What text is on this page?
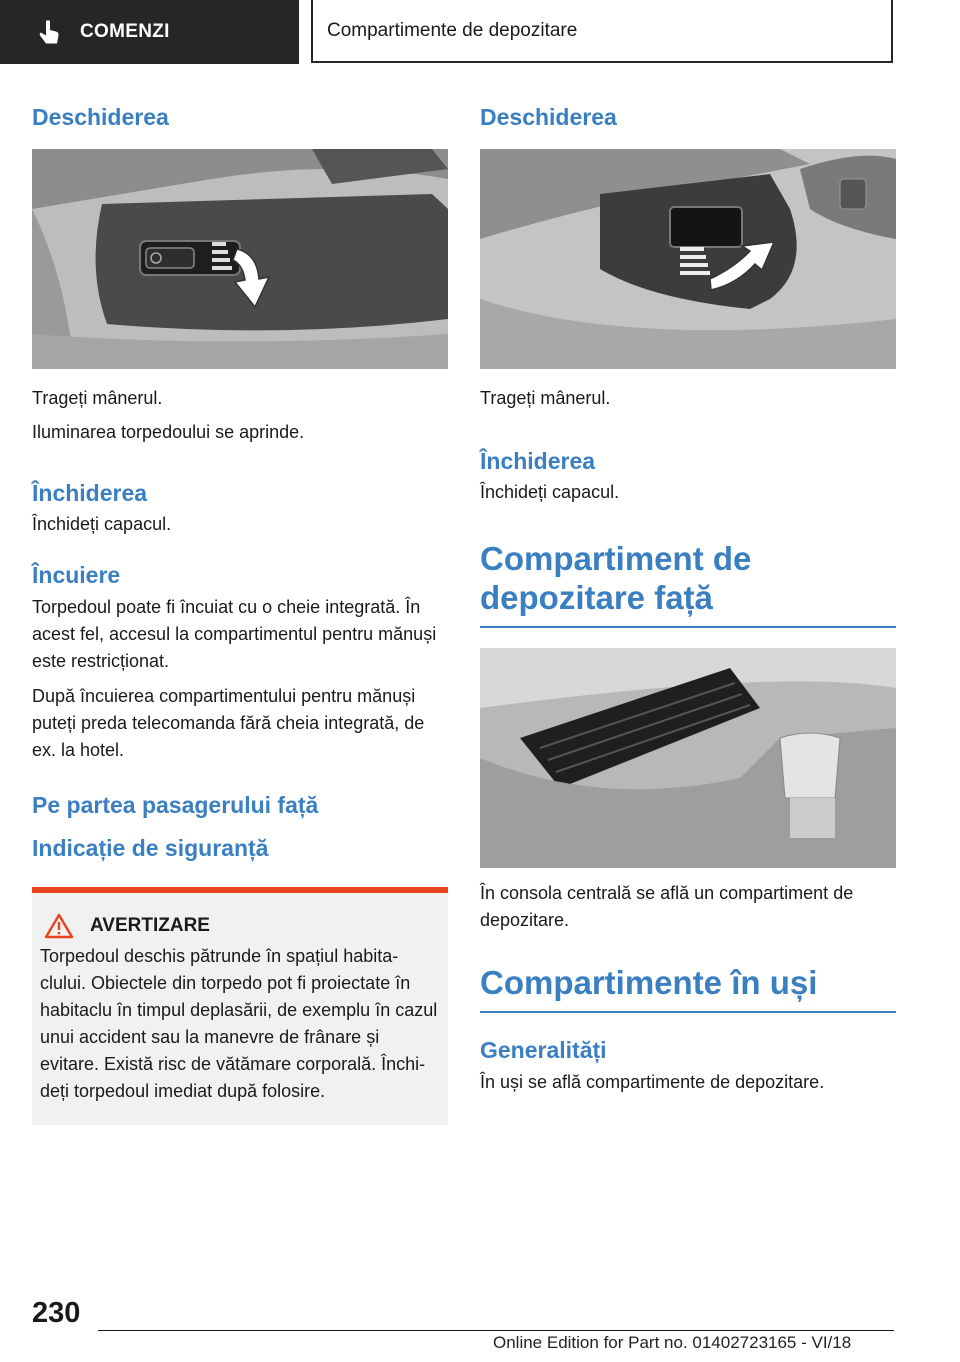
COMENZI	Compartimente de depozitare
Deschiderea

Trageți mânerul.

Iluminarea torpedoului se aprinde.

Închiderea

Închideți capacul.

Încuiere

Torpedoul poate fi încuiat cu o cheie integrată. În acest fel, accesul la compartimentul pentru mănuși este restricționat.

După încuierea compartimentului pentru mănuși puteți preda telecomanda fără cheia integrată, de ex. la hotel.

Pe partea pasagerului față
Indicație de siguranță
AVERTIZARE

Torpedoul deschis pătrunde în spațiul habitaclului. Obiectele din torpedo pot fi proiectate în habitaclu în timpul deplasării, de exemplu în cazul unui accident sau la manevre de frânare și evitare. Există risc de vătămare corporală. Închideți torpedoul imediat după folosire.

Deschiderea

Trageți mânerul.

Închiderea

Închideți capacul.

Compartiment de depozitare față

În consola centrală se află un compartiment de depozitare.

Compartimente în uși
Generalități

În uși se află compartimente de depozitare.

230
Online Edition for Part no. 01402723165 - VI/18
